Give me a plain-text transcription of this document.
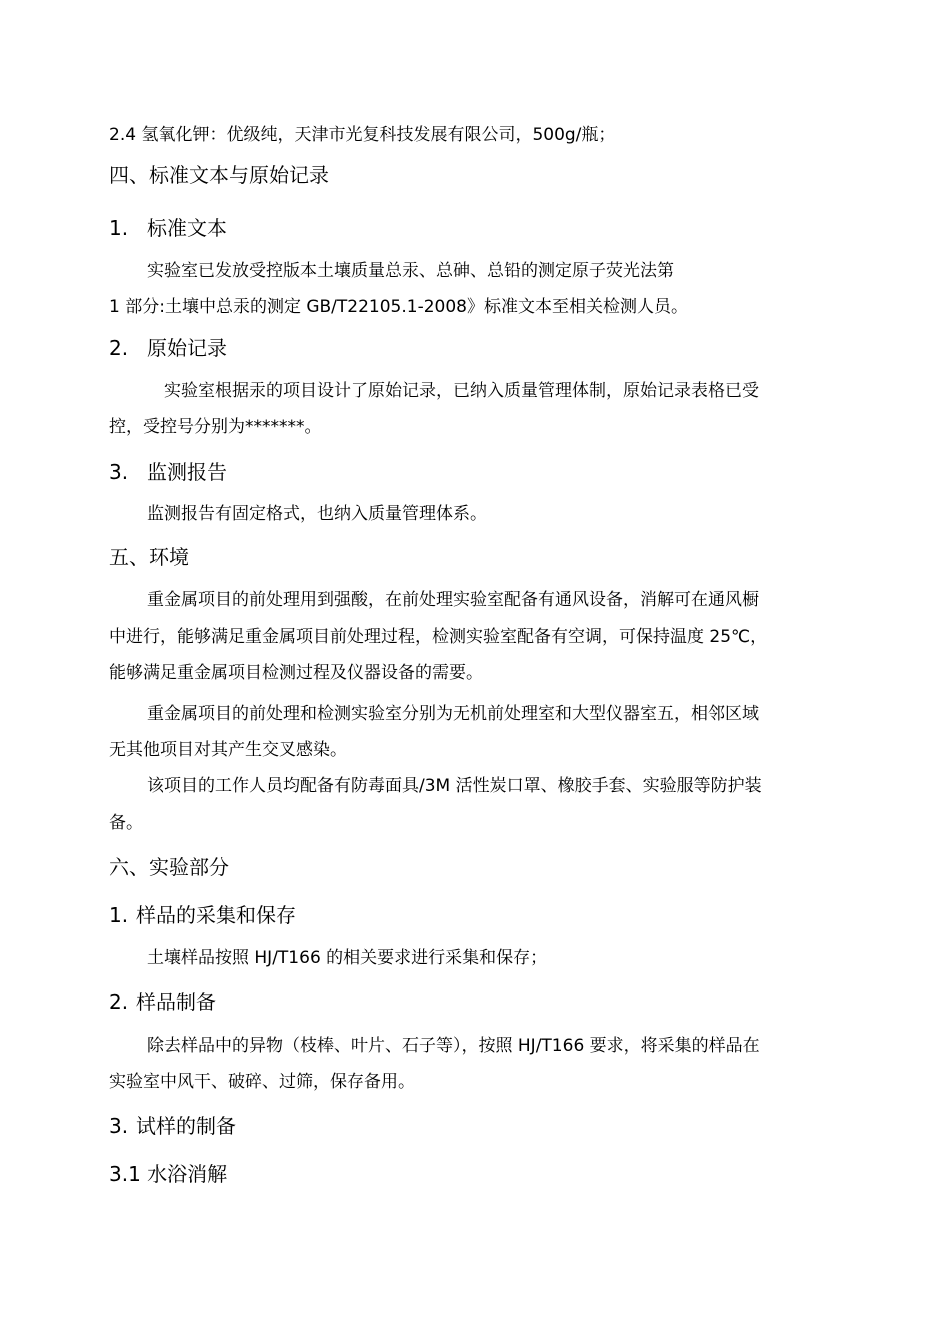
2.4 氢氧化钾：优级纯，天津市光复科技发展有限公司，500g/瓶；
四、标准文本与原始记录
1. 标准文本
实验室已发放受控版本土壤质量总汞、总砷、总铅的测定原子荧光法第
1 部分:土壤中总汞的测定 GB/T22105.1-2008》标准文本至相关检测人员。
2. 原始记录
实验室根据汞的项目设计了原始记录，已纳入质量管理体制，原始记录表格已受
控，受控号分别为*******。
3. 监测报告
监测报告有固定格式，也纳入质量管理体系。
五、环境
重金属项目的前处理用到强酸，在前处理实验室配备有通风设备，消解可在通风橱
中进行，能够满足重金属项目前处理过程，检测实验室配备有空调，可保持温度 25℃，
能够满足重金属项目检测过程及仪器设备的需要。
重金属项目的前处理和检测实验室分别为无机前处理室和大型仪器室五，相邻区域
无其他项目对其产生交叉感染。
该项目的工作人员均配备有防毒面具/3M 活性炭口罩、橡胶手套、实验服等防护装
备。
六、实验部分
1. 样品的采集和保存
土壤样品按照 HJ/T166 的相关要求进行采集和保存；
2. 样品制备
除去样品中的异物（枝棒、叶片、石子等），按照 HJ/T166 要求，将采集的样品在
实验室中风干、破碎、过筛，保存备用。
3. 试样的制备
3.1 水浴消解
